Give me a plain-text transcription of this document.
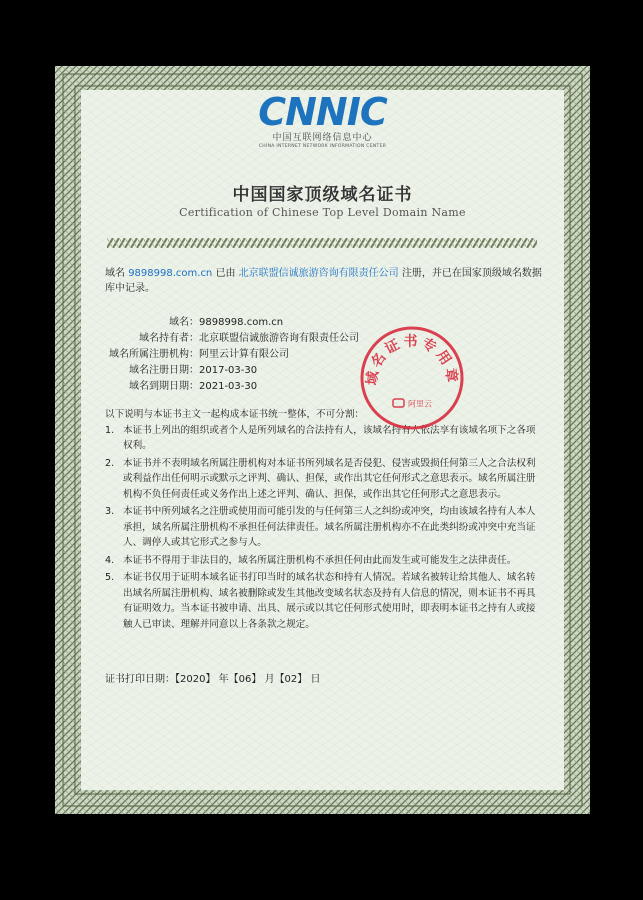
CNNIC
中国互联网络信息中心
CHINA INTERNET NETWORK INFORMATION CENTER
中国国家顶级域名证书
Certification of Chinese Top Level Domain Name
域名 9898998.com.cn 已由 北京联盟信诚旅游咨询有限责任公司 注册，并已在国家顶级域名数据库中记录。
域名：9898998.com.cn
域名持有者：北京联盟信诚旅游咨询有限责任公司
域名所属注册机构：阿里云计算有限公司
域名注册日期：2017-03-30
域名到期日期：2021-03-30
以下说明与本证书主文一起构成本证书统一整体，不可分割：
1. 本证书上列出的组织或者个人是所列域名的合法持有人，该域名持有人依法享有该域名项下之各项权利。
2. 本证书并不表明域名所属注册机构对本证书所列域名是否侵犯、侵害或毁损任何第三人之合法权利或利益作出任何明示或默示之评判、确认、担保，或作出其它任何形式之意思表示。域名所属注册机构不负任何责任或义务作出上述之评判、确认、担保，或作出其它任何形式之意思表示。
3. 本证书中所列域名之注册或使用而可能引发的与任何第三人之纠纷或冲突，均由该域名持有人本人承担，域名所属注册机构不承担任何法律责任。域名所属注册机构亦不在此类纠纷或冲突中充当证人、调停人或其它形式之参与人。
4. 本证书不得用于非法目的，域名所属注册机构不承担任何由此而发生或可能发生之法律责任。
5. 本证书仅用于证明本域名证书打印当时的域名状态和持有人情况。若域名被转让给其他人、域名转出域名所属注册机构、域名被删除或发生其他改变域名状态及持有人信息的情况，则本证书不再具有证明效力。当本证书被申请、出具、展示或以其它任何形式使用时，即表明本证书之持有人或接触人已审读、理解并同意以上各条款之规定。
证书打印日期：【2020】 年【06】 月【02】 日
域名证书专用章
阿里云
